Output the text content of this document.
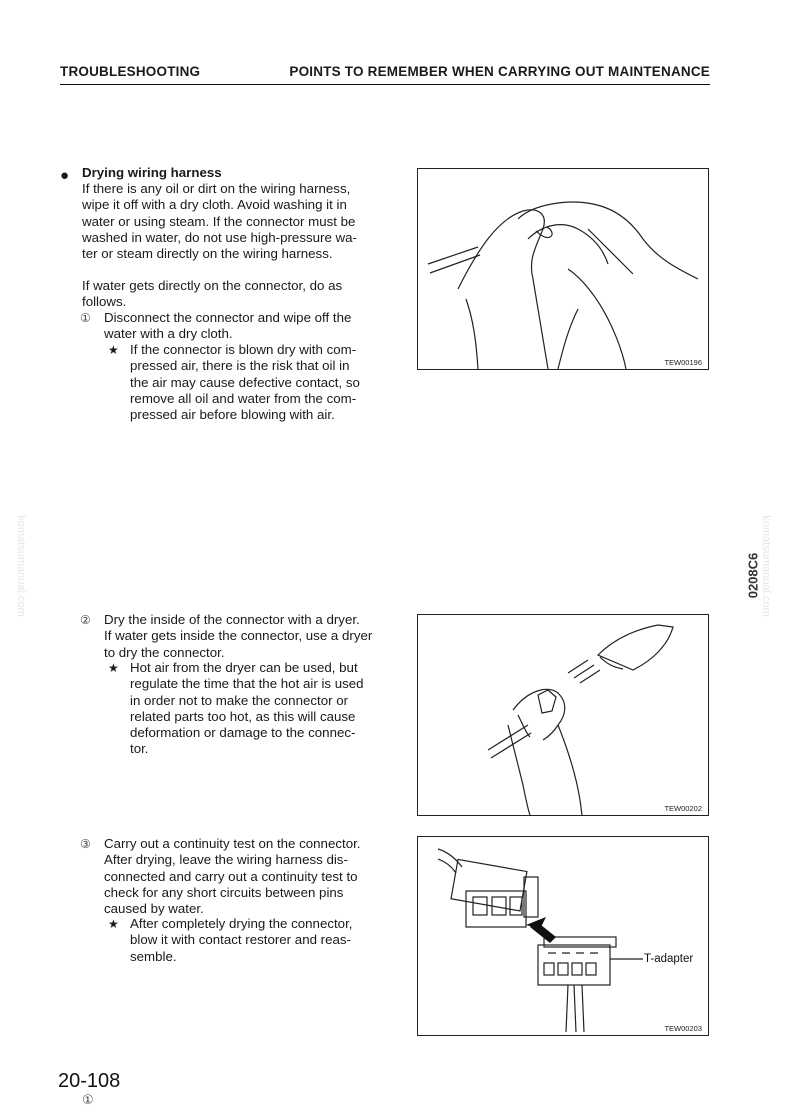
TROUBLESHOOTING	POINTS TO REMEMBER WHEN CARRYING OUT MAINTENANCE
● Drying wiring harness
If there is any oil or dirt on the wiring harness,
wipe it off with a dry cloth. Avoid washing it in
water or using steam. If the connector must be
washed in water, do not use high-pressure wa-
ter or steam directly on the wiring harness.
If water gets directly on the connector, do as
follows.
① Disconnect the connector and wipe off the
water with a dry cloth.
★ If the connector is blown dry with com-
pressed air, there is the risk that oil in
the air may cause defective contact, so
remove all oil and water from the com-
pressed air before blowing with air.
② Dry the inside of the connector with a dryer.
If water gets inside the connector, use a dryer
to dry the connector.
★ Hot air from the dryer can be used, but
regulate the time that the hot air is used
in order not to make the connector or
related parts too hot, as this will cause
deformation or damage to the connec-
tor.
③ Carry out a continuity test on the connector.
After drying, leave the wiring harness dis-
connected and carry out a continuity test to
check for any short circuits between pins
caused by water.
★ After completely drying the connector,
blow it with contact restorer and reas-
semble.
TEW00196
TEW00202
T-adapter
TEW00203
0208C6
komatsumanual.com	komatsumanual.com
20-108
①
